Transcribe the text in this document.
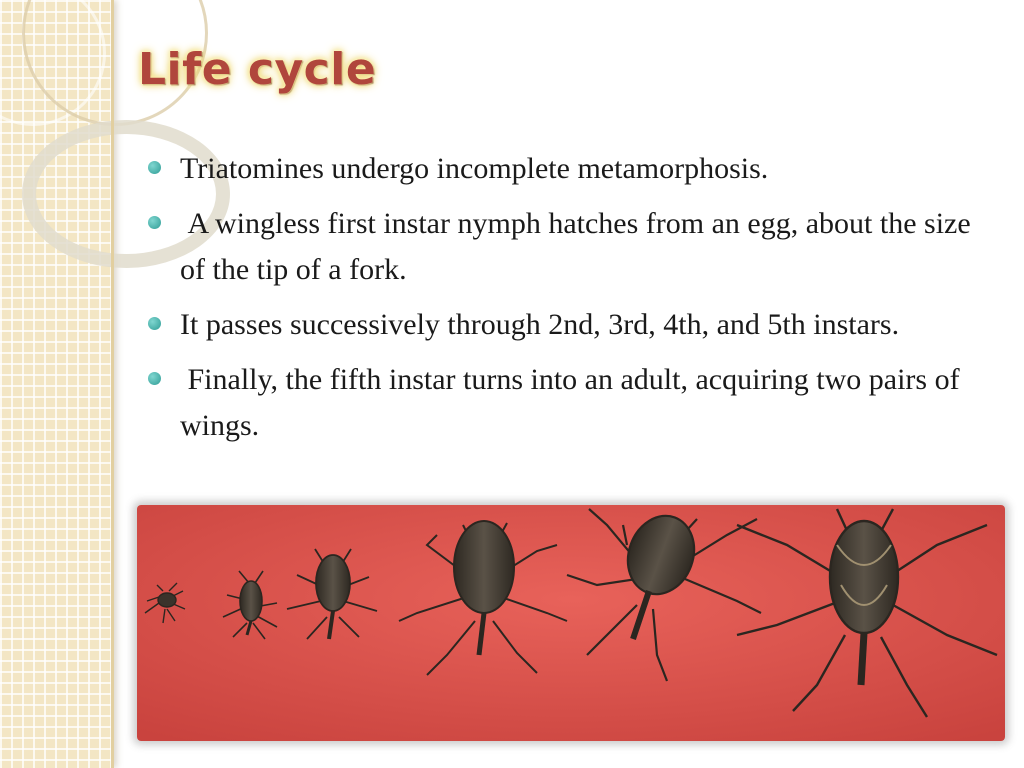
Life cycle
Triatomines undergo incomplete metamorphosis.
A wingless first instar nymph hatches from an egg, about the size of the tip of a fork.
It passes successively through 2nd, 3rd, 4th, and 5th instars.
Finally, the fifth instar turns into an adult, acquiring two pairs of wings.
